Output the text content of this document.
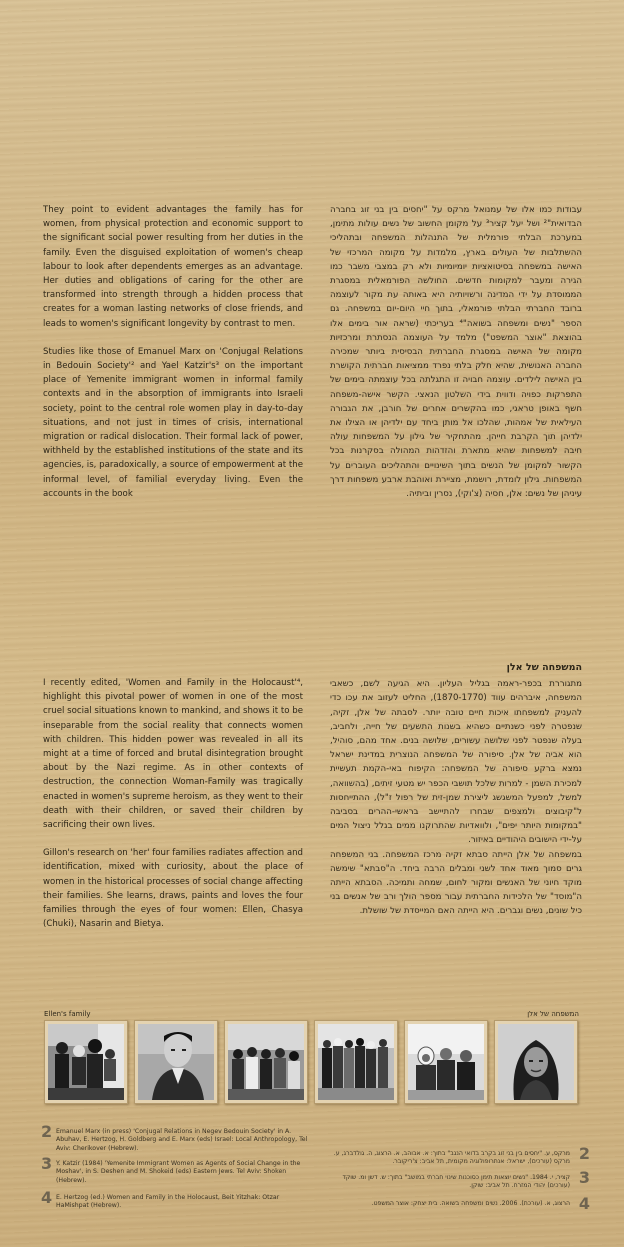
They point to evident advantages the family has for women, from physical protection and economic support to the significant social power resulting from her duties in the family. Even the disguised exploitation of women's cheap labour to look after dependents emerges as an advantage. Her duties and obligations of caring for the other are transformed into strength through a hidden process that creates for a woman lasting networks of close friends, and leads to women's significant longevity by contrast to men.

Studies like those of Emanuel Marx on 'Conjugal Relations in Bedouin Society'² and Yael Katzir's³ on the important place of Yemenite immigrant women in informal family contexts and in the absorption of immigrants into Israeli society, point to the central role women play in day-to-day situations, and not just in times of crisis, international migration or radical dislocation. Their formal lack of power, withheld by the established institutions of the state and its agencies, is, paradoxically, a source of empowerment at the informal level, of familial everyday living. Even the accounts in the book

עבודות כמו אלו של עמנואל מרקס על "יחסים בין בני זוג בחברה הבדואית"² ושל יעל קציר³ על מקומן החשוב של נשים עולות מתימן, במערכת הבלתי פורמלית של התנהלות המשפחה ובתהליכי ההשתלבות של העולים בארץ, מלמדות על מקומה המרכזי של האישה במשפחה בסיטואציות יומיומיות ולא רק במצבי משבר כמו הגירה ומעבר למקומות חדשים. החולשה הפורמאלית במסגרת הממוסדת על ידי המדינה ורשויותיה היא באותה עת מקור לעוצמה ברובד החברתי הבלתי פורמאלי, בתוך חיי היום-יום במשפחה. גם הספר "נשים ומשפחה בשואה"⁴ בעריכתי (שראה אור בימים אלו בהוצאת "אוצר המשפט") מלמד על העוצמה הנסתרת ומרכזיות מקומה של האישה במסגרת החברתית הבסיסית ביותר שמכירה החברה האנושית, שהיא חלק בלתי נפרד ממציאות חברתית הקושרת בין האישה לילדים. עוצמה חבויה זו התגלתה בכל עוצמתה בימים של התפרקות כפויה ודווית בידי השלטון הנאצי. הקשר אישה-משפחה חשף באופן טראגי, כמו בהקשרים אחרים של חורבן, את הגבורה העילאית של אמהות, שהלכו אל מותן ביחד עם ילדיהן או הצילו את ילדיהן תוך הקרבת חייהן. מהתחקיר של גילון על המשפחות עולה חיבה למשפחות שהיא מתארת והזדהות המהולה בסקרנות בכל הקשור למקומן של הנשים בתוך השינויים והתהליכים העוברים על המשפחות. גילון לומדת, רושמת, מציירת ואוהבת ארבע משפחות דרך עיניהן של נשים: אלן, חסיה (צ'וקי), נסרין וביתיה.

I recently edited, 'Women and Family in the Holocaust'⁴, highlight this pivotal power of women in one of the most cruel social situations known to mankind, and shows it to be inseparable from the social reality that connects women with children. This hidden power was revealed in all its might at a time of forced and brutal disintegration brought about by the Nazi regime. As in other contexts of destruction, the connection Woman-Family was tragically enacted in women's supreme heroism, as they went to their death with their children, or saved their children by sacrificing their own lives.

Gillon's research on 'her' four families radiates affection and identification, mixed with curiosity, about the place of women in the historical processes of social change affecting their families. She learns, draws, paints and loves the four families through the eyes of four women: Ellen, Chasya (Chuki), Nasarin and Bietya.

המשפחה של אלן

מתגוררת בכפר-ראמה בגליל העליון. היא הגיעה לשם, כשאבי המשפחה, איברהים עווד (1870-1770), החליט לעזוב את עכו כדי להעניק למשפחתו איכות חיים טובה יותר. לסבתה של אלן, זקיה, שנפטרה לפני כשנתיים כשהיא בשנות התשעים של חייה, ולחביב, בעלה שנפטר לפני שלושה עשורים, שלושה בנים. אחד מהם, סוהיל, הוא אביה של אלן. סיפורה של המשפחה הנוצרית במדינת ישראל נמצא ברקע סיפורה של המשפחה: הקיפוח באי-הקמת תעשיית למכירת השמן - למרות שלכל תושבי הכפר יש מטעי זיתים, (בהשוואה, למשל, למפעל המשגשג ליצירת שמן-זית של רפול ז"ל), ההתייחסות ל"קיבוצים ולמצפים שבחרו להתיישב בראשי-ההרים בסביבה "במקומות היותר יפים", ולוואדיות שהתרוקנו ממים בגלל ניצול המים על-ידי הישובים היהודיים באיזור.

במשפחה של אלן הייתה סבתא זקיה מרכז המשפחה. בני המשפחה גרים סמוך מאוד אחד לשני ומבלים הרבה ביחד. ה"סבתא" שימשה מוקד חיוני של האנשים ומקור לחום, שמחה ותמיכה. הסבתא הייתה ה"מוסד" של הלכידות החברתית עבור מספר הולך ורב של אנשים בני כיל שונים, נשים וגברים. היא הייתה האם המייסדת של שושלת.

Ellen's family	המשפחה של אלן
2 Emanuel Marx (in press) 'Conjugal Relations in Negev Bedouin Society' in A. Abuhav, E. Hertzog, H. Goldberg and E. Marx (eds) Israel: Local Anthropology, Tel Aviv: Cherikover (Hebrew).
3 Y. Katzir (1984) 'Yemenite Immigrant Women as Agents of Social Change in the Moshav', in S. Deshen and M. Shokeid (eds) Eastern Jews. Tel Aviv: Shoken (Hebrew).
4 E. Hertzog (ed.) Women and Family in the Holocaust, Beit Yitzhak: Otzar HaMishpat (Hebrew).
2
מרקס, ע. "יחסים בין בני זוג בקרב בדואי הנגב" בתוך: א. אבוהב, א. הרצוג, ה. גולדברג, ע. מרקס (עורכים), ישראל: אנתרופולוגיה מקומית, תל אביב: צ'ריקובר.
3
קציר, י. 1984. "נשים יוצאות תימן כסוכנות שינוי חברתי במושב" בתוך: ש. דשן ומ. שוקד (עורכים) יהודי המזרח. תל אביב: שוקן.
4
הרצוג, א. (עורכת). 2006. נשים ומשפחה בשואה. בית יצחק: אוצר המשפט.
